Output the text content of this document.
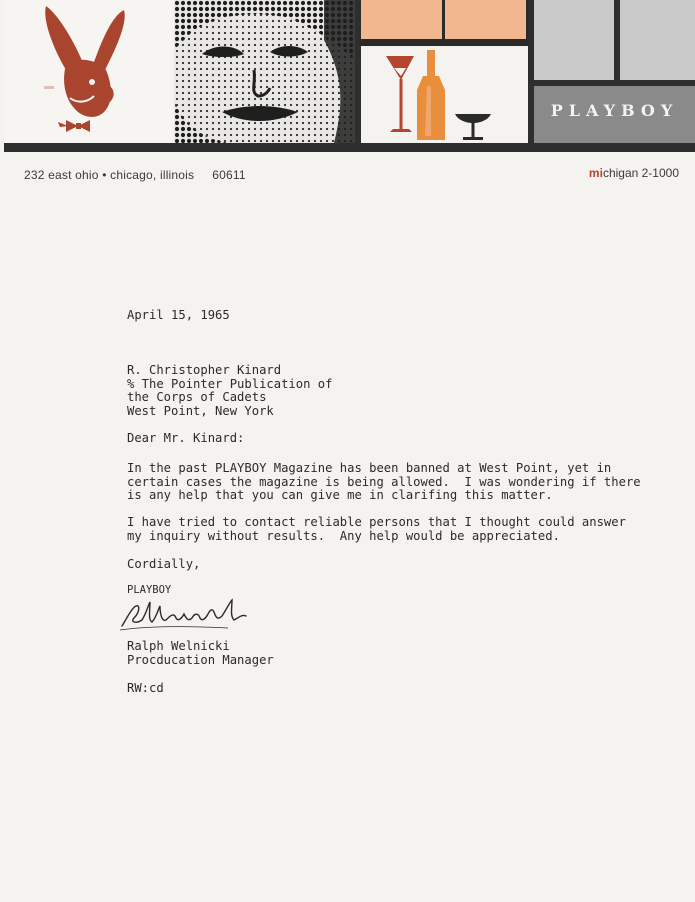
PLAYBOY
232 east ohio • chicago, illinois 60611	michigan 2-1000
April 15, 1965
R. Christopher Kinard
% The Pointer Publication of
the Corps of Cadets
West Point, New York
Dear Mr. Kinard:
In the past PLAYBOY Magazine has been banned at West Point, yet in
certain cases the magazine is being allowed.  I was wondering if there
is any help that you can give me in clarifing this matter.
I have tried to contact reliable persons that I thought could answer
my inquiry without results.  Any help would be appreciated.
Cordially,
PLAYBOY
Ralph Welnicki
Procducation Manager
RW:cd
